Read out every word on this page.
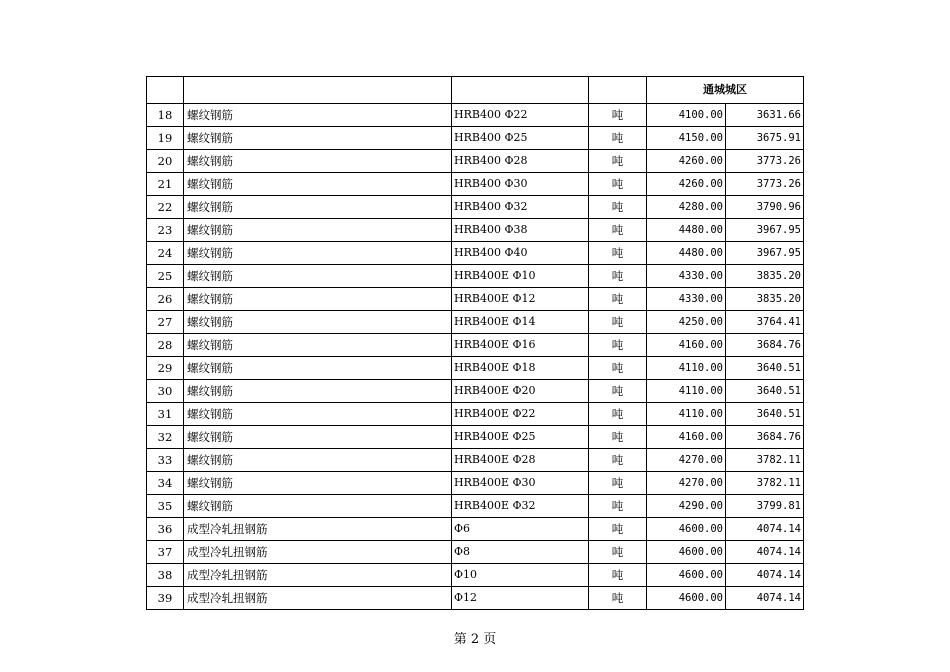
				通城城区	
18	螺纹钢筋	HRB400 Φ22	吨	4100.00	3631.66
19	螺纹钢筋	HRB400 Φ25	吨	4150.00	3675.91
20	螺纹钢筋	HRB400 Φ28	吨	4260.00	3773.26
21	螺纹钢筋	HRB400 Φ30	吨	4260.00	3773.26
22	螺纹钢筋	HRB400 Φ32	吨	4280.00	3790.96
23	螺纹钢筋	HRB400 Φ38	吨	4480.00	3967.95
24	螺纹钢筋	HRB400 Φ40	吨	4480.00	3967.95
25	螺纹钢筋	HRB400E Φ10	吨	4330.00	3835.20
26	螺纹钢筋	HRB400E Φ12	吨	4330.00	3835.20
27	螺纹钢筋	HRB400E Φ14	吨	4250.00	3764.41
28	螺纹钢筋	HRB400E Φ16	吨	4160.00	3684.76
29	螺纹钢筋	HRB400E Φ18	吨	4110.00	3640.51
30	螺纹钢筋	HRB400E Φ20	吨	4110.00	3640.51
31	螺纹钢筋	HRB400E Φ22	吨	4110.00	3640.51
32	螺纹钢筋	HRB400E Φ25	吨	4160.00	3684.76
33	螺纹钢筋	HRB400E Φ28	吨	4270.00	3782.11
34	螺纹钢筋	HRB400E Φ30	吨	4270.00	3782.11
35	螺纹钢筋	HRB400E Φ32	吨	4290.00	3799.81
36	成型冷轧扭钢筋	Φ6	吨	4600.00	4074.14
37	成型冷轧扭钢筋	Φ8	吨	4600.00	4074.14
38	成型冷轧扭钢筋	Φ10	吨	4600.00	4074.14
39	成型冷轧扭钢筋	Φ12	吨	4600.00	4074.14
第 2 页
